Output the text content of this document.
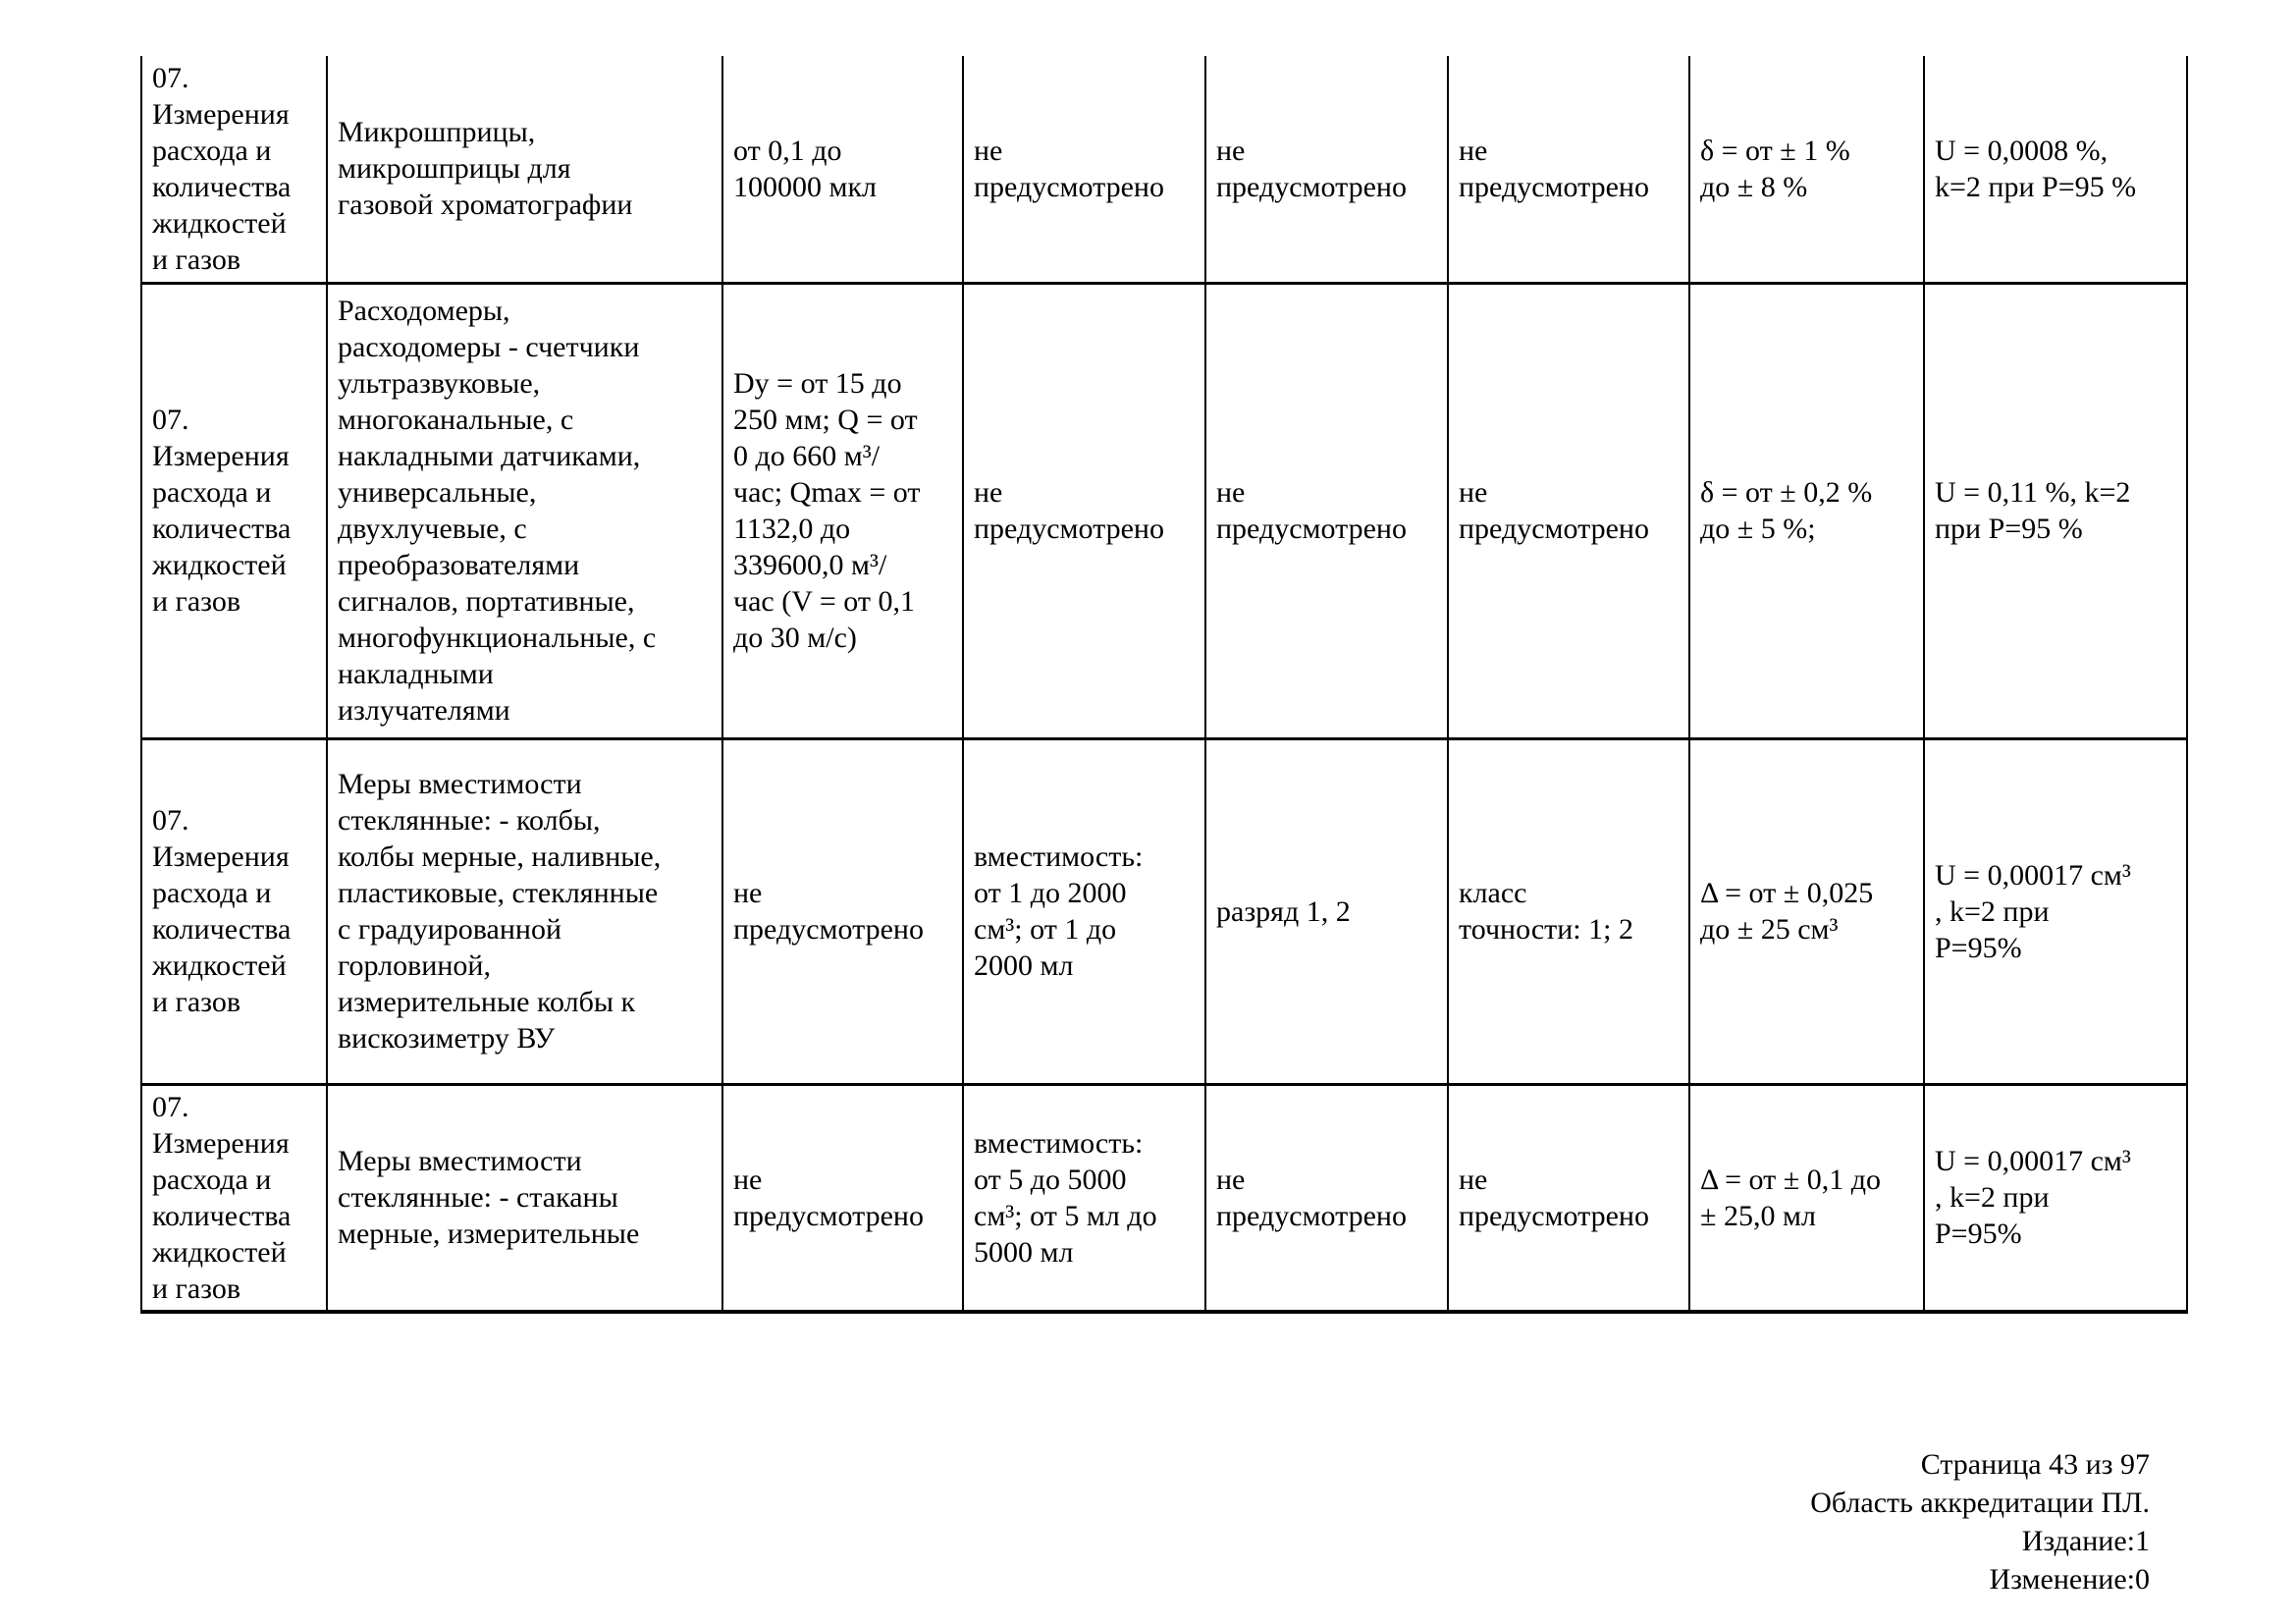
07. Измерения расхода и количества жидкостей и газов	Микрошприцы, микрошприцы для газовой хроматографии	от 0,1 до 100000 мкл	не предусмотрено	не предусмотрено	не предусмотрено	δ = от ± 1 % до ± 8 %	U = 0,0008 %, k=2 при P=95 %
07. Измерения расхода и количества жидкостей и газов	Расходомеры, расходомеры - счетчики ультразвуковые, многоканальные, с накладными датчиками, универсальные, двухлучевые, с преобразователями сигналов, портативные, многофункциональные, с накладными излучателями	Dy = от 15 до 250 мм; Q = от 0 до 660 м³/час; Qmax = от 1132,0 до 339600,0 м³/час (V = от 0,1 до 30 м/с)	не предусмотрено	не предусмотрено	не предусмотрено	δ = от ± 0,2 % до ± 5 %;	U = 0,11 %, k=2 при P=95 %
07. Измерения расхода и количества жидкостей и газов	Меры вместимости стеклянные: - колбы, колбы мерные, наливные, пластиковые, стеклянные с градуированной горловиной, измерительные колбы к вискозиметру ВУ	не предусмотрено	вместимость: от 1 до 2000 см³; от 1 до 2000 мл	разряд 1, 2	класс точности: 1; 2	Δ = от ± 0,025 до ± 25 см³	U = 0,00017 см³ , k=2 при P=95%
07. Измерения расхода и количества жидкостей и газов	Меры вместимости стеклянные: - стаканы мерные, измерительные	не предусмотрено	вместимость: от 5 до 5000 см³; от 5 мл до 5000 мл	не предусмотрено	не предусмотрено	Δ = от ± 0,1 до ± 25,0 мл	U = 0,00017 см³ , k=2 при P=95%
Страница 43 из 97
Область аккредитации ПЛ.
Издание:1
Изменение:0
